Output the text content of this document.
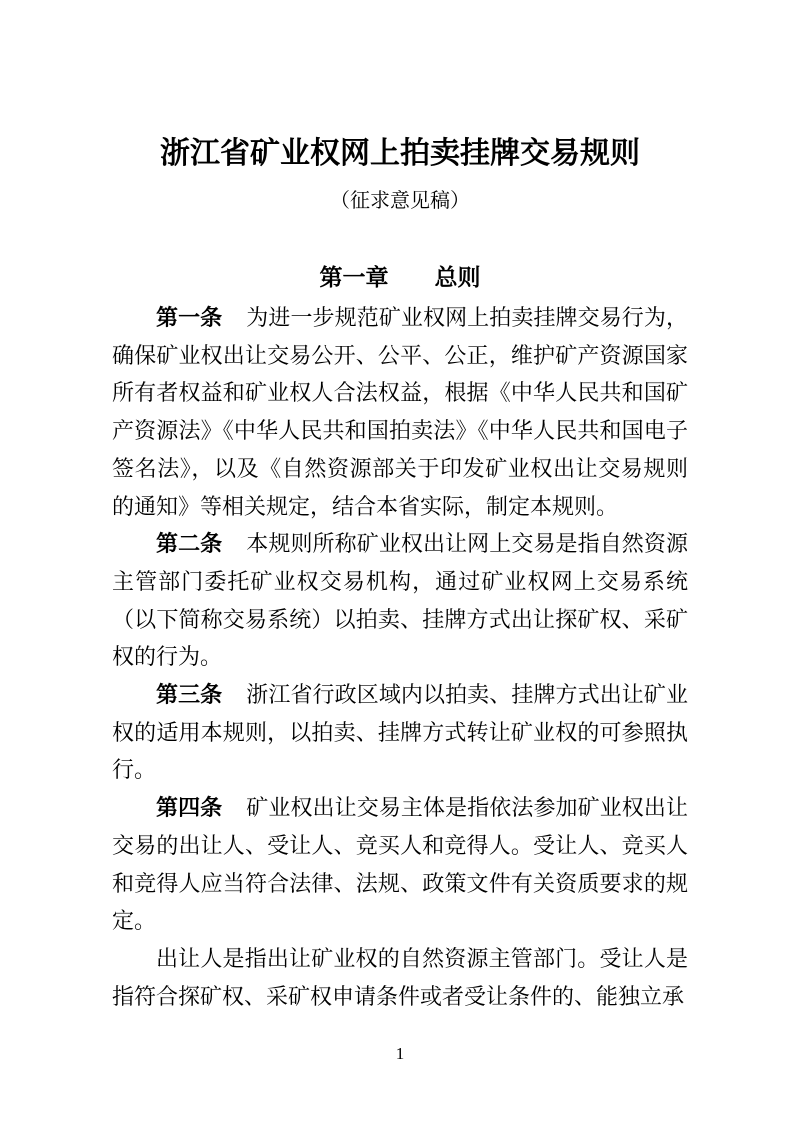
浙江省矿业权网上拍卖挂牌交易规则
（征求意见稿）
第一章 总则

第一条 为进一步规范矿业权网上拍卖挂牌交易行为，确保矿业权出让交易公开、公平、公正，维护矿产资源国家所有者权益和矿业权人合法权益，根据《中华人民共和国矿产资源法》《中华人民共和国拍卖法》《中华人民共和国电子签名法》，以及《自然资源部关于印发矿业权出让交易规则的通知》等相关规定，结合本省实际，制定本规则。

第二条 本规则所称矿业权出让网上交易是指自然资源主管部门委托矿业权交易机构，通过矿业权网上交易系统（以下简称交易系统）以拍卖、挂牌方式出让探矿权、采矿权的行为。

第三条 浙江省行政区域内以拍卖、挂牌方式出让矿业权的适用本规则，以拍卖、挂牌方式转让矿业权的可参照执行。

第四条 矿业权出让交易主体是指依法参加矿业权出让交易的出让人、受让人、竞买人和竞得人。受让人、竞买人和竞得人应当符合法律、法规、政策文件有关资质要求的规定。

出让人是指出让矿业权的自然资源主管部门。受让人是指符合探矿权、采矿权申请条件或者受让条件的、能独立承

1
